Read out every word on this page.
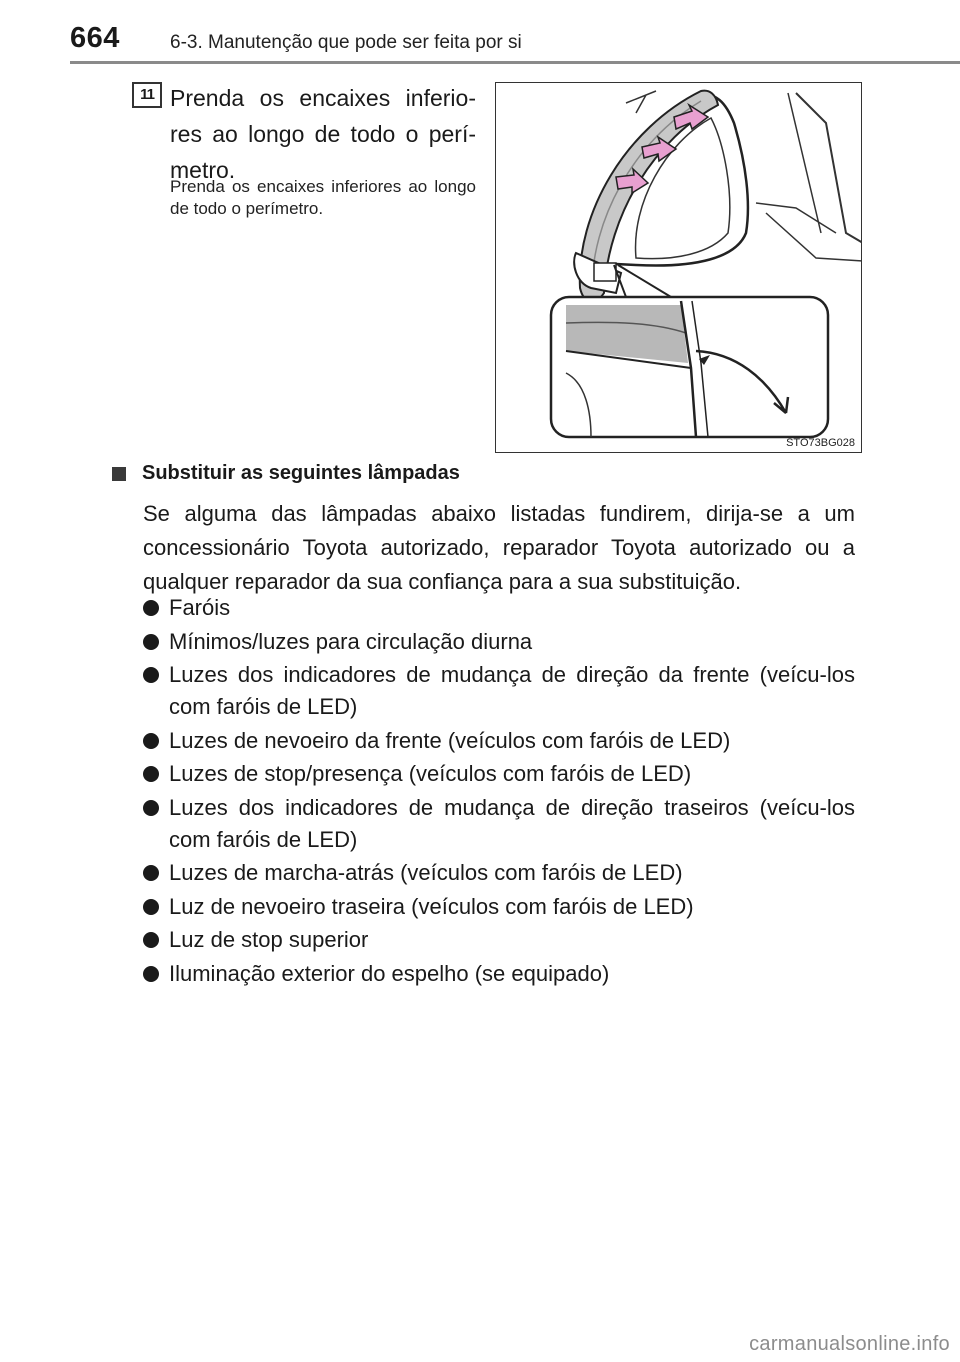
664	6-3. Manutenção que pode ser feita por si
11 Prenda os encaixes inferio-res ao longo de todo o perí-metro.
Prenda os encaixes inferiores ao longo de todo o perímetro.
STO73BG028
Substituir as seguintes lâmpadas
Se alguma das lâmpadas abaixo listadas fundirem, dirija-se a um concessionário Toyota autorizado, reparador Toyota autorizado ou a qualquer reparador da sua confiança para a sua substituição.
Faróis
Mínimos/luzes para circulação diurna
Luzes dos indicadores de mudança de direção da frente (veícu-los com faróis de LED)
Luzes de nevoeiro da frente (veículos com faróis de LED)
Luzes de stop/presença (veículos com faróis de LED)
Luzes dos indicadores de mudança de direção traseiros (veícu-los com faróis de LED)
Luzes de marcha-atrás (veículos com faróis de LED)
Luz de nevoeiro traseira (veículos com faróis de LED)
Luz de stop superior
Iluminação exterior do espelho (se equipado)
carmanualsonline.info
